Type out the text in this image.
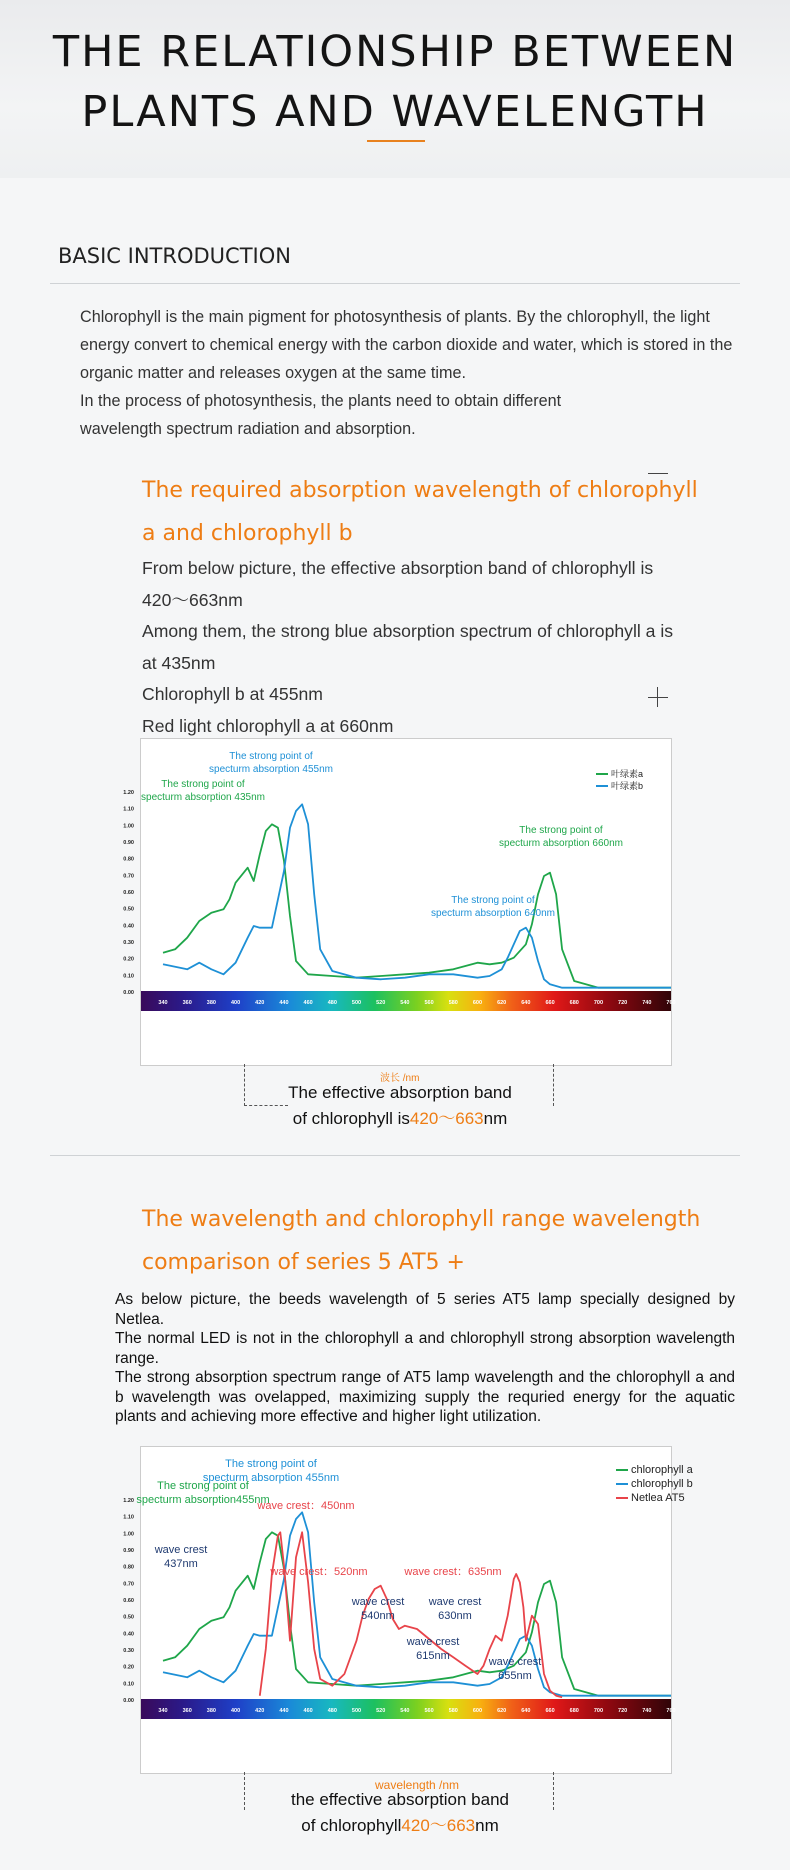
THE RELATIONSHIP BETWEEN
PLANTS AND WAVELENGTH
BASIC INTRODUCTION

Chlorophyll is the main pigment for photosynthesis of plants. By the chlorophyll, the light

energy convert to chemical energy with the carbon dioxide and water, which is stored in the

organic matter and releases oxygen at the same time.

In the process of photosynthesis, the plants need to obtain different

wavelength spectrum radiation and absorption.

The required absorption wavelength of chlorophyll
a and chlorophyll b

From below picture, the effective absorption band of chlorophyll is

420～663nm

Among them, the strong blue absorption spectrum of chlorophyll a is

at 435nm

Chlorophyll b at 455nm

Red light chlorophyll a at 660nm

0.00
0.10
0.20
0.30
0.40
0.50
0.60
0.70
0.80
0.90
1.00
1.10
1.20
340	360	380	400	420	440	460	480	500	520	540	560	580	600	620	640	660	680	700	720	740	760
叶绿素a
叶绿素b
The strong point of
specturm absorption 455nm
The strong point of
specturm absorption 435nm
The strong point of
specturm absorption 660nm
The strong point of
specturm absorption 640nm
波长 /nm
The effective absorption band
of chlorophyll is420～663nm
The wavelength and chlorophyll range wavelength
comparison of series 5 AT5 +

As below picture, the beeds wavelength of 5 series AT5 lamp specially designed by Netlea.

The normal LED is not in the chlorophyll a and chlorophyll strong absorption wavelength range.

The strong absorption spectrum range of AT5 lamp wavelength and the chlorophyll a and b wavelength was ovelapped, maximizing supply the requried energy for the aquatic plants and achieving more effective and higher light utilization.

0.00
0.10
0.20
0.30
0.40
0.50
0.60
0.70
0.80
0.90
1.00
1.10
1.20
340	360	380	400	420	440	460	480	500	520	540	560	580	600	620	640	660	680	700	720	740	760
chlorophyll a
chlorophyll b
Netlea AT5
The strong point of
specturm absorption 455nm
The strong point of
specturm absorption455nm
wave crest：450nm
wave crest
437nm
wave crest：520nm	wave crest：635nm
wave crest
540nm
wave crest
630nm
wave crest
615nm	wave crest
655nm
wavelength /nm
the effective absorption band
of chlorophyll420～663nm
